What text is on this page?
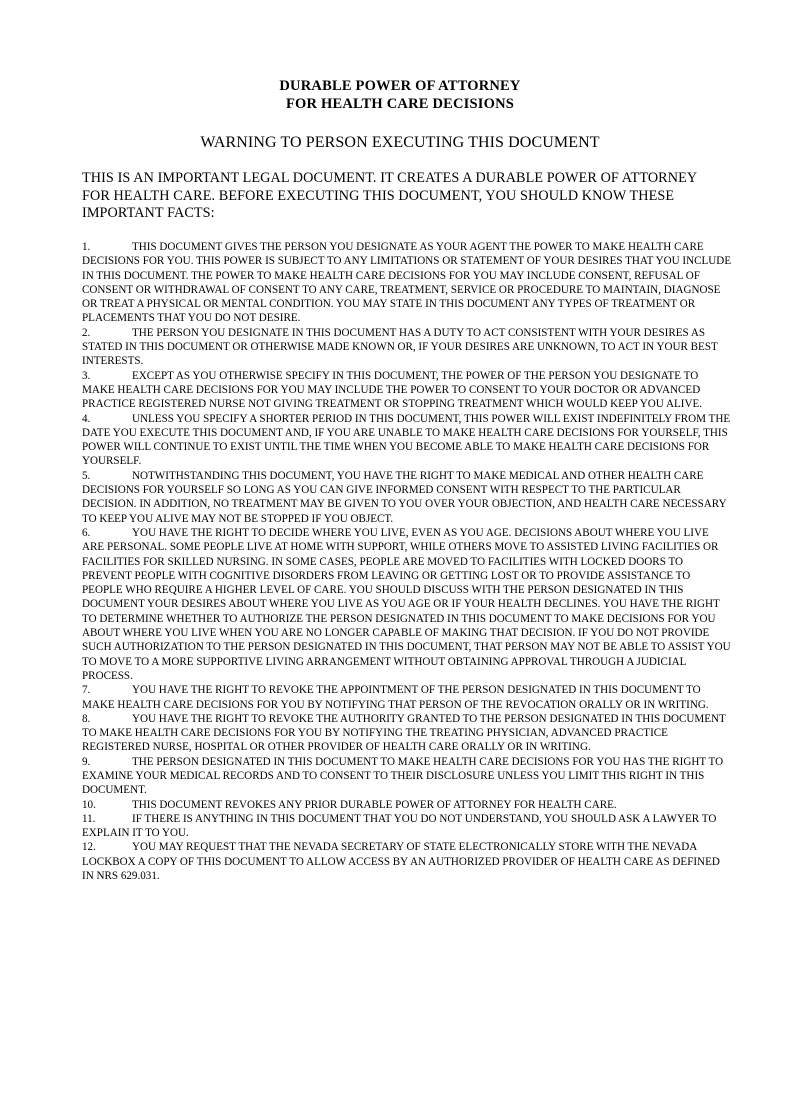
DURABLE POWER OF ATTORNEY
FOR HEALTH CARE DECISIONS
WARNING TO PERSON EXECUTING THIS DOCUMENT
THIS IS AN IMPORTANT LEGAL DOCUMENT. IT CREATES A DURABLE POWER OF ATTORNEY FOR HEALTH CARE. BEFORE EXECUTING THIS DOCUMENT, YOU SHOULD KNOW THESE IMPORTANT FACTS:

1.	THIS DOCUMENT GIVES THE PERSON YOU DESIGNATE AS YOUR AGENT THE POWER TO MAKE HEALTH CARE DECISIONS FOR YOU. THIS POWER IS SUBJECT TO ANY LIMITATIONS OR STATEMENT OF YOUR DESIRES THAT YOU INCLUDE IN THIS DOCUMENT. THE POWER TO MAKE HEALTH CARE DECISIONS FOR YOU MAY INCLUDE CONSENT, REFUSAL OF CONSENT OR WITHDRAWAL OF CONSENT TO ANY CARE, TREATMENT, SERVICE OR PROCEDURE TO MAINTAIN, DIAGNOSE OR TREAT A PHYSICAL OR MENTAL CONDITION. YOU MAY STATE IN THIS DOCUMENT ANY TYPES OF TREATMENT OR PLACEMENTS THAT YOU DO NOT DESIRE.

2.	THE PERSON YOU DESIGNATE IN THIS DOCUMENT HAS A DUTY TO ACT CONSISTENT WITH YOUR DESIRES AS STATED IN THIS DOCUMENT OR OTHERWISE MADE KNOWN OR, IF YOUR DESIRES ARE UNKNOWN, TO ACT IN YOUR BEST INTERESTS.

3.	EXCEPT AS YOU OTHERWISE SPECIFY IN THIS DOCUMENT, THE POWER OF THE PERSON YOU DESIGNATE TO MAKE HEALTH CARE DECISIONS FOR YOU MAY INCLUDE THE POWER TO CONSENT TO YOUR DOCTOR OR ADVANCED PRACTICE REGISTERED NURSE NOT GIVING TREATMENT OR STOPPING TREATMENT WHICH WOULD KEEP YOU ALIVE.

4.	UNLESS YOU SPECIFY A SHORTER PERIOD IN THIS DOCUMENT, THIS POWER WILL EXIST INDEFINITELY FROM THE DATE YOU EXECUTE THIS DOCUMENT AND, IF YOU ARE UNABLE TO MAKE HEALTH CARE DECISIONS FOR YOURSELF, THIS POWER WILL CONTINUE TO EXIST UNTIL THE TIME WHEN YOU BECOME ABLE TO MAKE HEALTH CARE DECISIONS FOR YOURSELF.

5.	NOTWITHSTANDING THIS DOCUMENT, YOU HAVE THE RIGHT TO MAKE MEDICAL AND OTHER HEALTH CARE DECISIONS FOR YOURSELF SO LONG AS YOU CAN GIVE INFORMED CONSENT WITH RESPECT TO THE PARTICULAR DECISION. IN ADDITION, NO TREATMENT MAY BE GIVEN TO YOU OVER YOUR OBJECTION, AND HEALTH CARE NECESSARY TO KEEP YOU ALIVE MAY NOT BE STOPPED IF YOU OBJECT.

6.	YOU HAVE THE RIGHT TO DECIDE WHERE YOU LIVE, EVEN AS YOU AGE. DECISIONS ABOUT WHERE YOU LIVE ARE PERSONAL. SOME PEOPLE LIVE AT HOME WITH SUPPORT, WHILE OTHERS MOVE TO ASSISTED LIVING FACILITIES OR FACILITIES FOR SKILLED NURSING. IN SOME CASES, PEOPLE ARE MOVED TO FACILITIES WITH LOCKED DOORS TO PREVENT PEOPLE WITH COGNITIVE DISORDERS FROM LEAVING OR GETTING LOST OR TO PROVIDE ASSISTANCE TO PEOPLE WHO REQUIRE A HIGHER LEVEL OF CARE. YOU SHOULD DISCUSS WITH THE PERSON DESIGNATED IN THIS DOCUMENT YOUR DESIRES ABOUT WHERE YOU LIVE AS YOU AGE OR IF YOUR HEALTH DECLINES. YOU HAVE THE RIGHT TO DETERMINE WHETHER TO AUTHORIZE THE PERSON DESIGNATED IN THIS DOCUMENT TO MAKE DECISIONS FOR YOU ABOUT WHERE YOU LIVE WHEN YOU ARE NO LONGER CAPABLE OF MAKING THAT DECISION. IF YOU DO NOT PROVIDE SUCH AUTHORIZATION TO THE PERSON DESIGNATED IN THIS DOCUMENT, THAT PERSON MAY NOT BE ABLE TO ASSIST YOU TO MOVE TO A MORE SUPPORTIVE LIVING ARRANGEMENT WITHOUT OBTAINING APPROVAL THROUGH A JUDICIAL PROCESS.

7.	YOU HAVE THE RIGHT TO REVOKE THE APPOINTMENT OF THE PERSON DESIGNATED IN THIS DOCUMENT TO MAKE HEALTH CARE DECISIONS FOR YOU BY NOTIFYING THAT PERSON OF THE REVOCATION ORALLY OR IN WRITING.

8.	YOU HAVE THE RIGHT TO REVOKE THE AUTHORITY GRANTED TO THE PERSON DESIGNATED IN THIS DOCUMENT TO MAKE HEALTH CARE DECISIONS FOR YOU BY NOTIFYING THE TREATING PHYSICIAN, ADVANCED PRACTICE REGISTERED NURSE, HOSPITAL OR OTHER PROVIDER OF HEALTH CARE ORALLY OR IN WRITING.

9.	THE PERSON DESIGNATED IN THIS DOCUMENT TO MAKE HEALTH CARE DECISIONS FOR YOU HAS THE RIGHT TO EXAMINE YOUR MEDICAL RECORDS AND TO CONSENT TO THEIR DISCLOSURE UNLESS YOU LIMIT THIS RIGHT IN THIS DOCUMENT.

10.	THIS DOCUMENT REVOKES ANY PRIOR DURABLE POWER OF ATTORNEY FOR HEALTH CARE.

11.	IF THERE IS ANYTHING IN THIS DOCUMENT THAT YOU DO NOT UNDERSTAND, YOU SHOULD ASK A LAWYER TO EXPLAIN IT TO YOU.

12.	YOU MAY REQUEST THAT THE NEVADA SECRETARY OF STATE ELECTRONICALLY STORE WITH THE NEVADA LOCKBOX A COPY OF THIS DOCUMENT TO ALLOW ACCESS BY AN AUTHORIZED PROVIDER OF HEALTH CARE AS DEFINED IN NRS 629.031.
